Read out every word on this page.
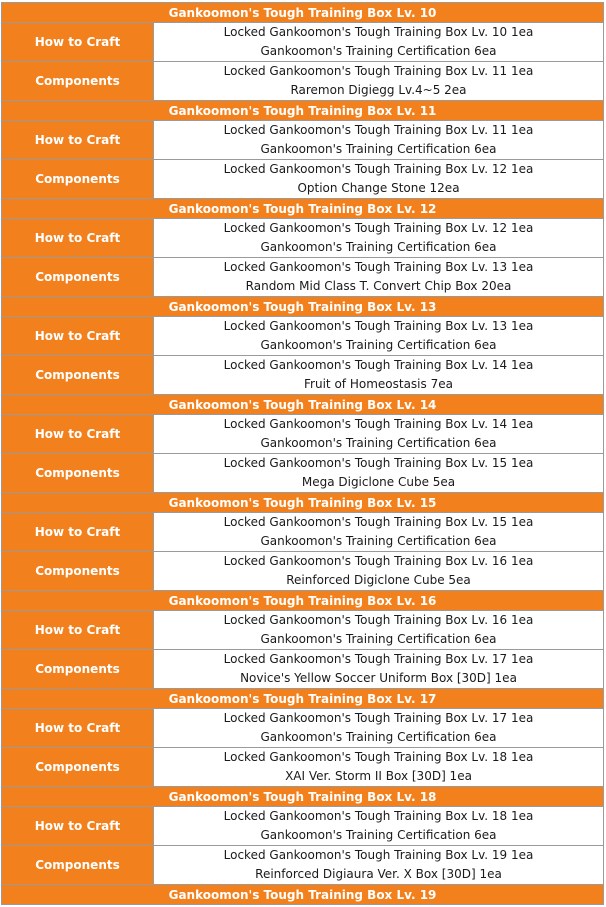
Gankoomon's Tough Training Box Lv. 10	
How to Craft	Locked Gankoomon's Tough Training Box Lv. 10 1ea
Gankoomon's Training Certification 6ea

Components	Locked Gankoomon's Tough Training Box Lv. 11 1ea
Raremon Digiegg Lv.4~5 2ea

Gankoomon's Tough Training Box Lv. 11	
How to Craft	Locked Gankoomon's Tough Training Box Lv. 11 1ea
Gankoomon's Training Certification 6ea

Components	Locked Gankoomon's Tough Training Box Lv. 12 1ea
Option Change Stone 12ea

Gankoomon's Tough Training Box Lv. 12	
How to Craft	Locked Gankoomon's Tough Training Box Lv. 12 1ea
Gankoomon's Training Certification 6ea

Components	Locked Gankoomon's Tough Training Box Lv. 13 1ea
Random Mid Class T. Convert Chip Box 20ea

Gankoomon's Tough Training Box Lv. 13	
How to Craft	Locked Gankoomon's Tough Training Box Lv. 13 1ea
Gankoomon's Training Certification 6ea

Components	Locked Gankoomon's Tough Training Box Lv. 14 1ea
Fruit of Homeostasis 7ea

Gankoomon's Tough Training Box Lv. 14	
How to Craft	Locked Gankoomon's Tough Training Box Lv. 14 1ea
Gankoomon's Training Certification 6ea

Components	Locked Gankoomon's Tough Training Box Lv. 15 1ea
Mega Digiclone Cube 5ea

Gankoomon's Tough Training Box Lv. 15	
How to Craft	Locked Gankoomon's Tough Training Box Lv. 15 1ea
Gankoomon's Training Certification 6ea

Components	Locked Gankoomon's Tough Training Box Lv. 16 1ea
Reinforced Digiclone Cube 5ea

Gankoomon's Tough Training Box Lv. 16	
How to Craft	Locked Gankoomon's Tough Training Box Lv. 16 1ea
Gankoomon's Training Certification 6ea

Components	Locked Gankoomon's Tough Training Box Lv. 17 1ea
Novice's Yellow Soccer Uniform Box [30D] 1ea

Gankoomon's Tough Training Box Lv. 17	
How to Craft	Locked Gankoomon's Tough Training Box Lv. 17 1ea
Gankoomon's Training Certification 6ea

Components	Locked Gankoomon's Tough Training Box Lv. 18 1ea
XAI Ver. Storm II Box [30D] 1ea

Gankoomon's Tough Training Box Lv. 18	
How to Craft	Locked Gankoomon's Tough Training Box Lv. 18 1ea
Gankoomon's Training Certification 6ea

Components	Locked Gankoomon's Tough Training Box Lv. 19 1ea
Reinforced Digiaura Ver. X Box [30D] 1ea

Gankoomon's Tough Training Box Lv. 19	
